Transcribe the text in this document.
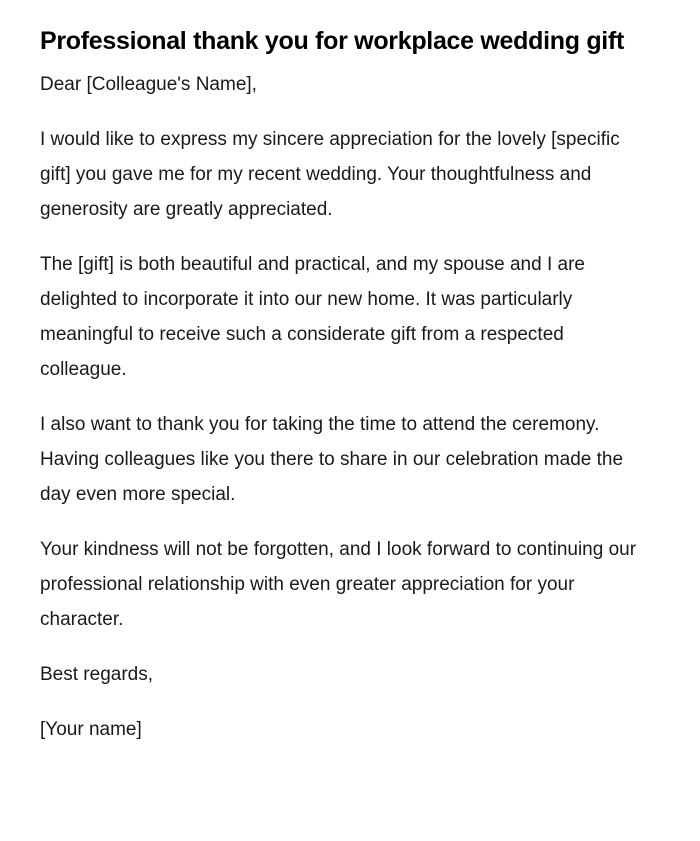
Professional thank you for workplace wedding gift

Dear [Colleague's Name],

I would like to express my sincere appreciation for the lovely [specific gift] you gave me for my recent wedding. Your thoughtfulness and generosity are greatly appreciated.

The [gift] is both beautiful and practical, and my spouse and I are delighted to incorporate it into our new home. It was particularly meaningful to receive such a considerate gift from a respected colleague.

I also want to thank you for taking the time to attend the ceremony. Having colleagues like you there to share in our celebration made the day even more special.

Your kindness will not be forgotten, and I look forward to continuing our professional relationship with even greater appreciation for your character.

Best regards,

[Your name]
